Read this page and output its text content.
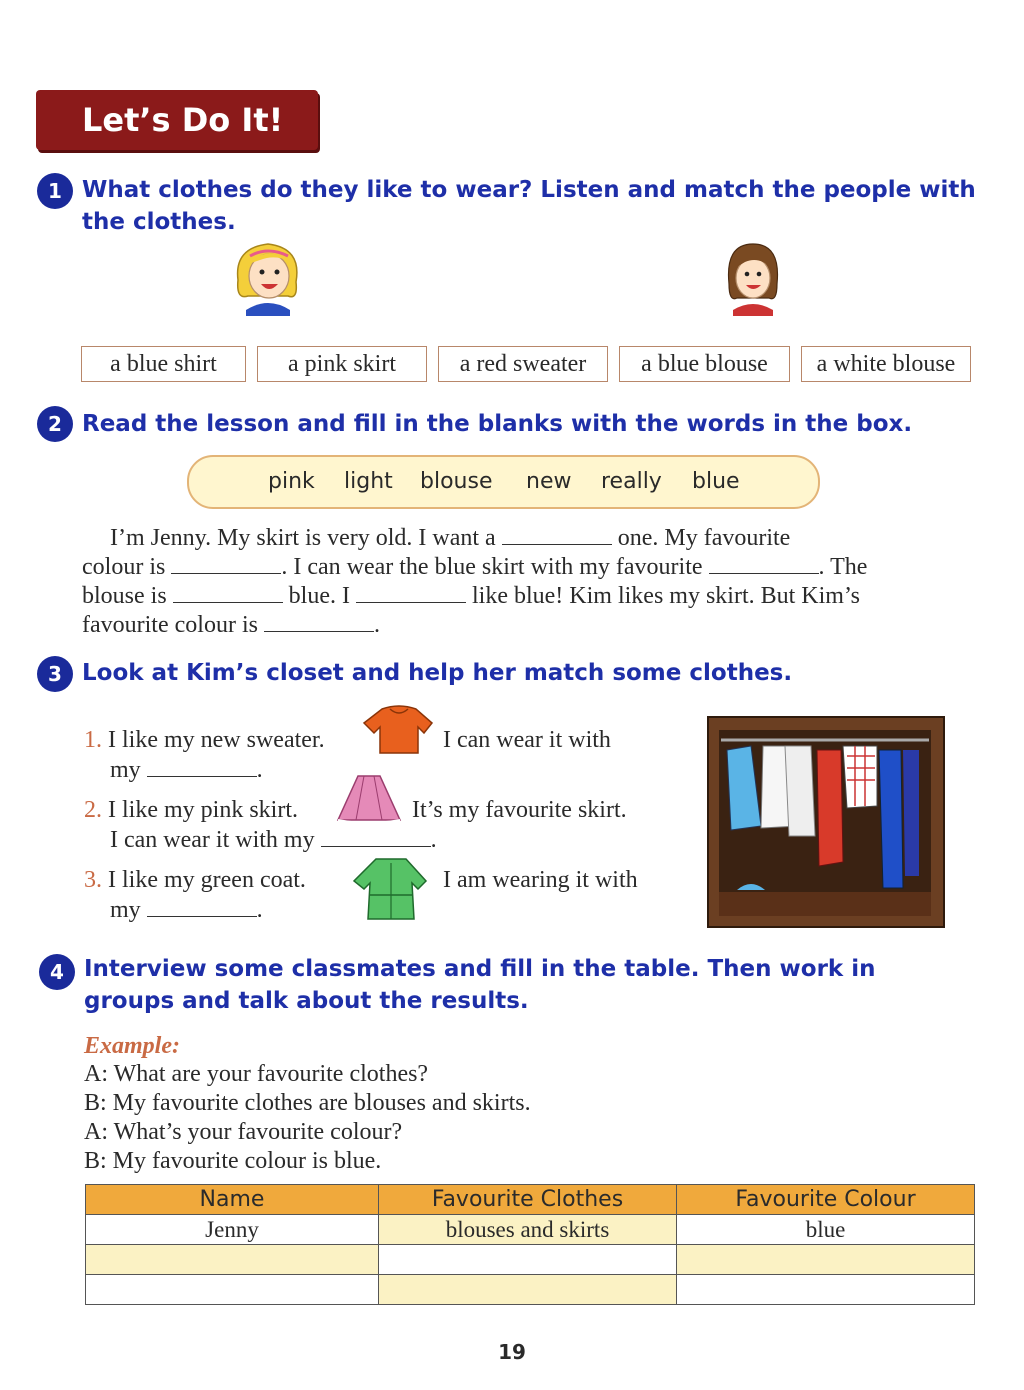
Let’s Do It!
1 What clothes do they like to wear? Listen and match the people with
the clothes.
a blue shirt	a pink skirt	a red sweater	a blue blouse	a white blouse
2 Read the lesson and fill in the blanks with the words in the box.
pink light blouse new really blue
I’m Jenny. My skirt is very old. I want a	one. My favourite
colour is	. I can wear the blue skirt with my favourite	. The
blouse is	blue. I	like blue! Kim likes my skirt. But Kim’s
favourite colour is	.
3 Look at Kim’s closet and help her match some clothes.
1. I like my new sweater.	I can wear it with
my	.
2. I like my pink skirt.	It’s my favourite skirt.
I can wear it with my	.
3. I like my green coat.	I am wearing it with
my	.
4 Interview some classmates and fill in the table. Then work in
groups and talk about the results.
Example:
A: What are your favourite clothes?
B: My favourite clothes are blouses and skirts.
A: What’s your favourite colour?
B: My favourite colour is blue.
Name	Favourite Clothes	Favourite Colour
Jenny	blouses and skirts	blue

19
